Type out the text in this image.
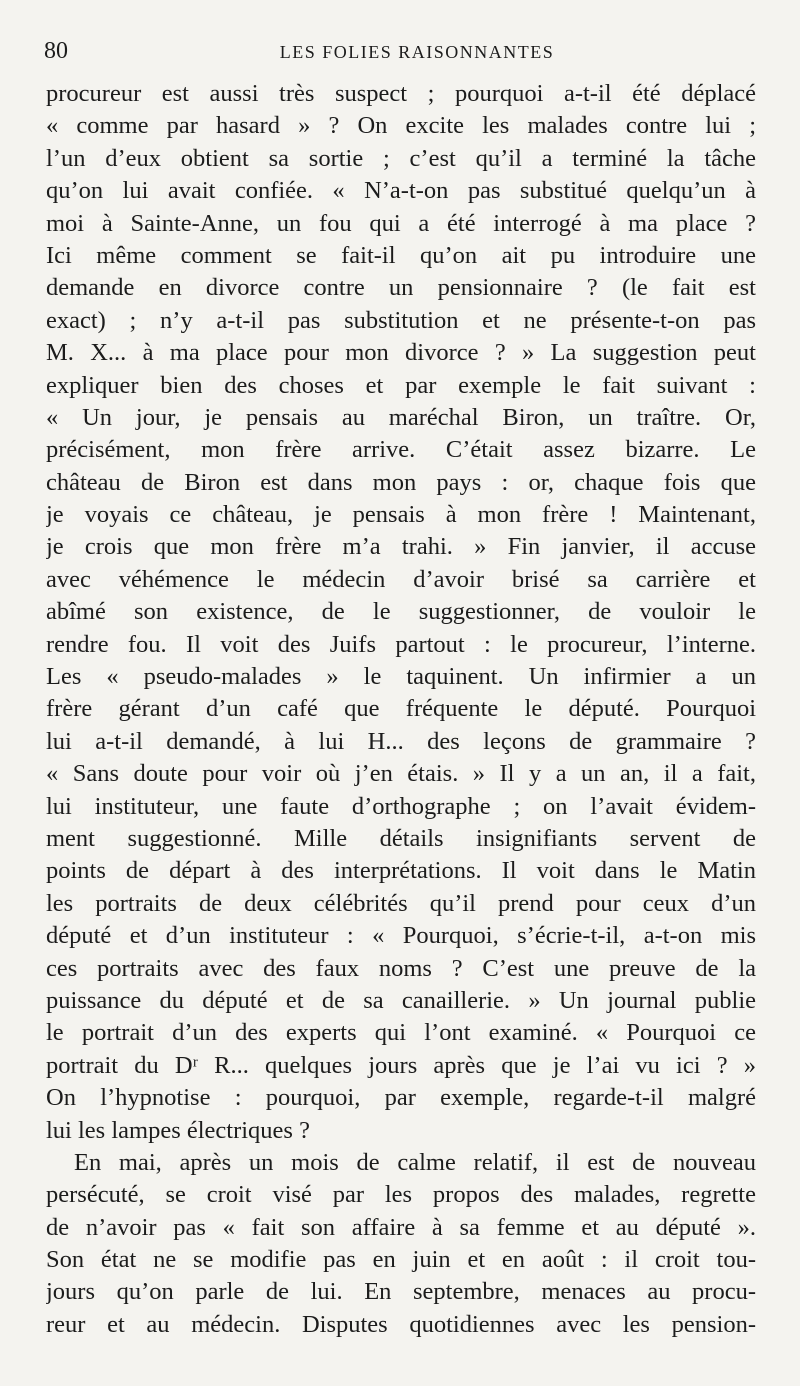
80	LES FOLIES RAISONNANTES
procureur est aussi très suspect ; pourquoi a-t-il été déplacé
« comme par hasard » ? On excite les malades contre lui ;
l’un d’eux obtient sa sortie ; c’est qu’il a terminé la tâche
qu’on lui avait confiée. « N’a-t-on pas substitué quelqu’un à
moi à Sainte-Anne, un fou qui a été interrogé à ma place ?
Ici même comment se fait-il qu’on ait pu introduire une
demande en divorce contre un pensionnaire ? (le fait est
exact) ; n’y a-t-il pas substitution et ne présente-t-on pas
M. X... à ma place pour mon divorce ? » La suggestion peut
expliquer bien des choses et par exemple le fait suivant :
« Un jour, je pensais au maréchal Biron, un traître. Or,
précisément, mon frère arrive. C’était assez bizarre. Le
château de Biron est dans mon pays : or, chaque fois que
je voyais ce château, je pensais à mon frère ! Maintenant,
je crois que mon frère m’a trahi. » Fin janvier, il accuse
avec véhémence le médecin d’avoir brisé sa carrière et
abîmé son existence, de le suggestionner, de vouloir le
rendre fou. Il voit des Juifs partout : le procureur, l’interne.
Les « pseudo-malades » le taquinent. Un infirmier a un
frère gérant d’un café que fréquente le député. Pourquoi
lui a-t-il demandé, à lui H... des leçons de grammaire ?
« Sans doute pour voir où j’en étais. » Il y a un an, il a fait,
lui instituteur, une faute d’orthographe ; on l’avait évidem-
ment suggestionné. Mille détails insignifiants servent de
points de départ à des interprétations. Il voit dans le Matin
les portraits de deux célébrités qu’il prend pour ceux d’un
député et d’un instituteur : « Pourquoi, s’écrie-t-il, a-t-on mis
ces portraits avec des faux noms ? C’est une preuve de la
puissance du député et de sa canaillerie. » Un journal publie
le portrait d’un des experts qui l’ont examiné. « Pourquoi ce
portrait du Dʳ R... quelques jours après que je l’ai vu ici ? »
On l’hypnotise : pourquoi, par exemple, regarde-t-il malgré
lui les lampes électriques ?
En mai, après un mois de calme relatif, il est de nouveau
persécuté, se croit visé par les propos des malades, regrette
de n’avoir pas « fait son affaire à sa femme et au député ».
Son état ne se modifie pas en juin et en août : il croit tou-
jours qu’on parle de lui. En septembre, menaces au procu-
reur et au médecin. Disputes quotidiennes avec les pension-
